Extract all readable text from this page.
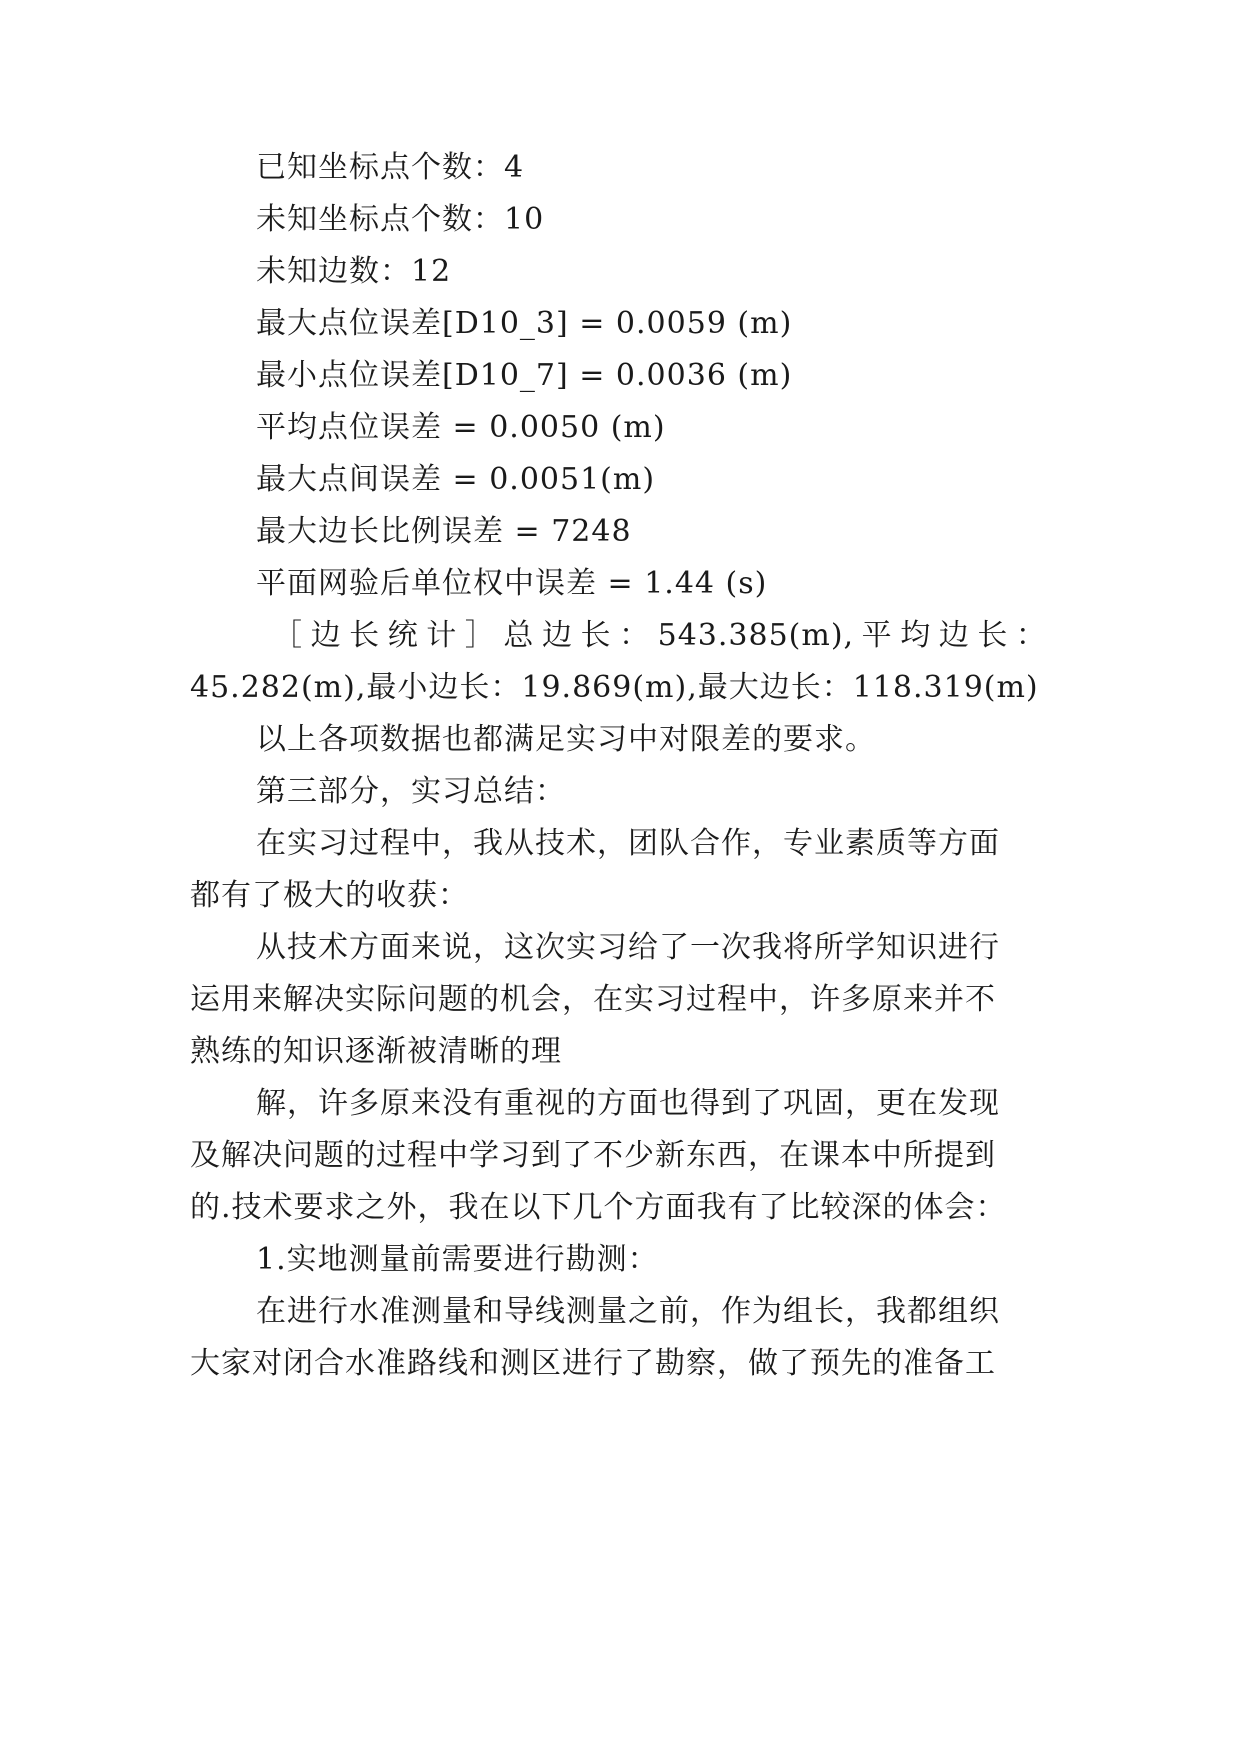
已知坐标点个数：4
未知坐标点个数：10
未知边数：12
最大点位误差[D10_3] = 0.0059 (m)
最小点位误差[D10_7] = 0.0036 (m)
平均点位误差 = 0.0050 (m)
最大点间误差 = 0.0051(m)
最大边长比例误差 = 7248
平面网验后单位权中误差 = 1.44 (s)
［ 边 长 统 计 ］ 总 边 长 ： 543.385(m), 平 均 边 长 ：
45.282(m),最小边长：19.869(m),最大边长：118.319(m)
以上各项数据也都满足实习中对限差的要求。
第三部分，实习总结：
在实习过程中，我从技术，团队合作，专业素质等方面
都有了极大的收获：
从技术方面来说，这次实习给了一次我将所学知识进行
运用来解决实际问题的机会，在实习过程中，许多原来并不
熟练的知识逐渐被清晰的理
解，许多原来没有重视的方面也得到了巩固，更在发现
及解决问题的过程中学习到了不少新东西，在课本中所提到
的.技术要求之外，我在以下几个方面我有了比较深的体会：
1.实地测量前需要进行勘测：
在进行水准测量和导线测量之前，作为组长，我都组织
大家对闭合水准路线和测区进行了勘察，做了预先的准备工
